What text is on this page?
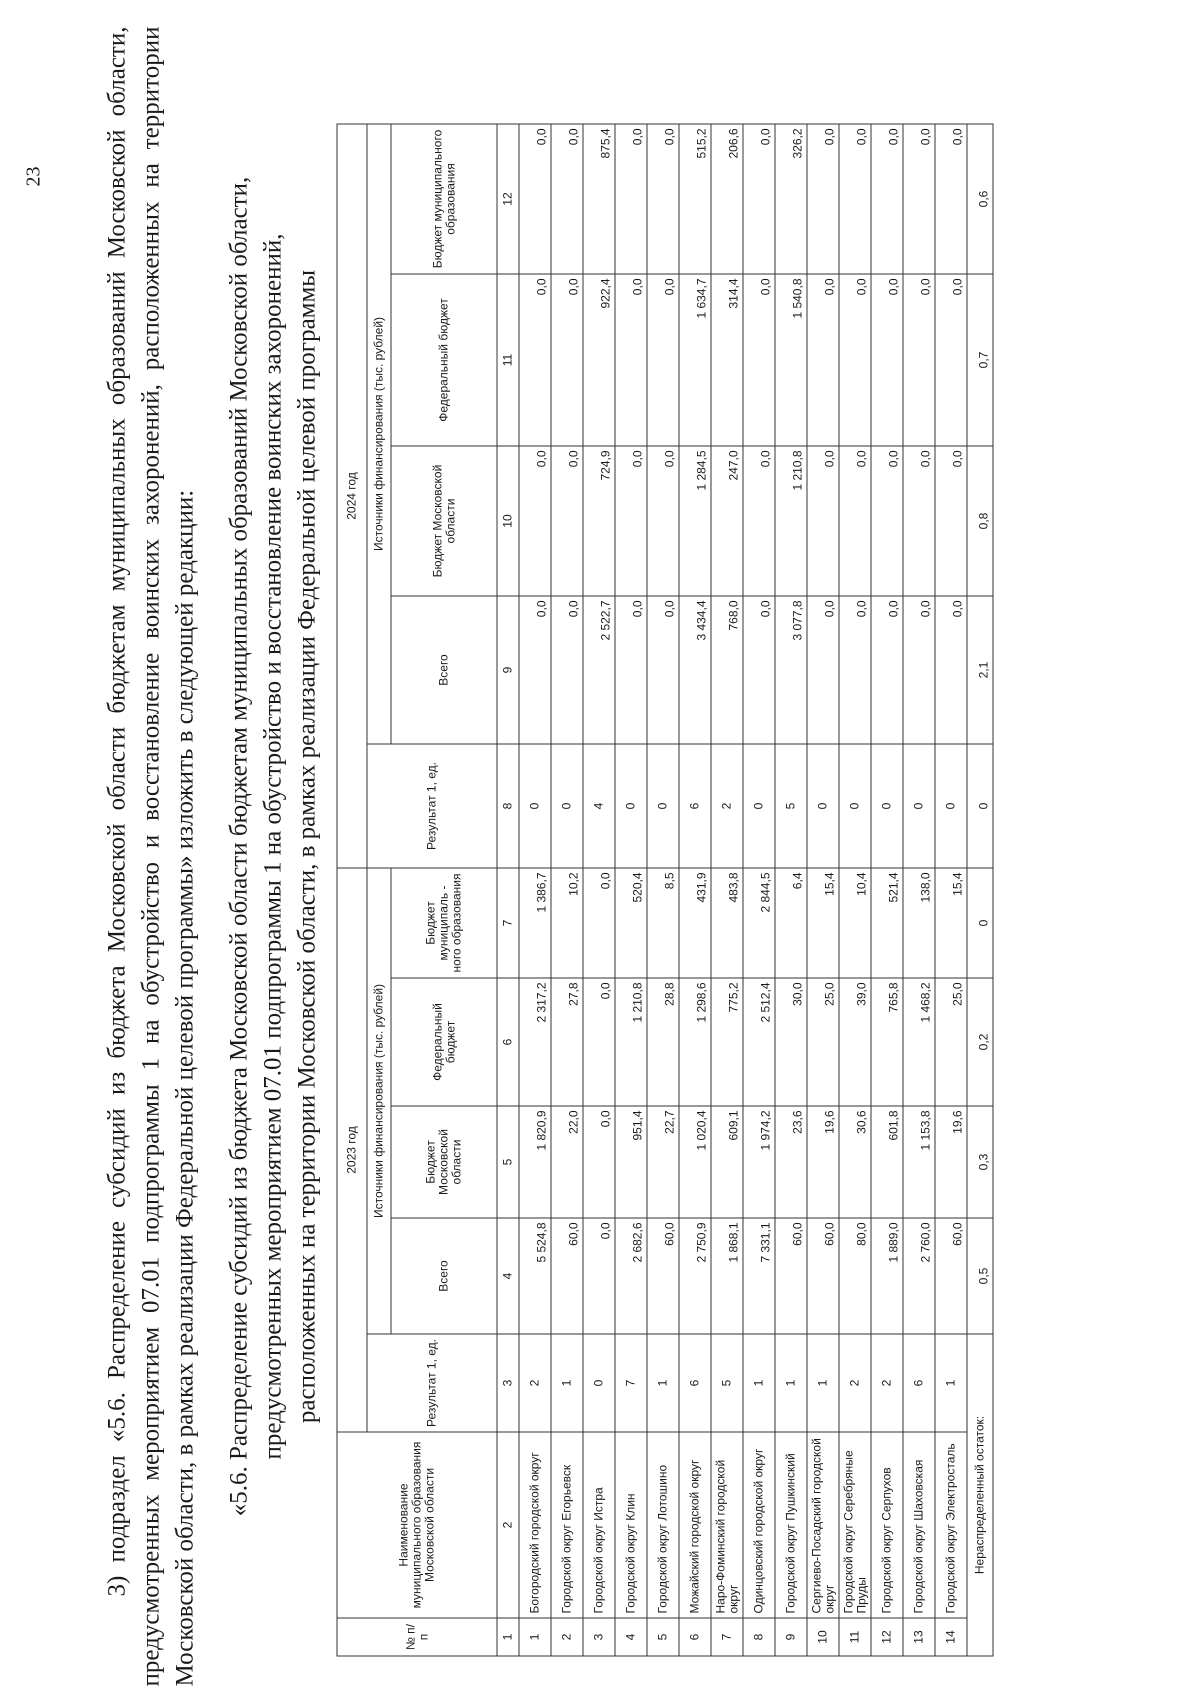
23 3) подраздел «5.6. Распределение субсидий из бюджета Московской области бюджетам муниципальных образований Московской области, предусмотренных мероприятием 07.01 подпрограммы 1 на обустройство и восстановление воинских захоронений, расположенных на территории Московской области, в рамках реализации Федеральной целевой программы» изложить в следующей редакции: «5.6. Распределение субсидий из бюджета Московской области бюджетам муниципальных образований Московской области, предусмотренных мероприятием 07.01 подпрограммы 1 на обустройство и восстановление воинских захоронений, расположенных на территории Московской области, в рамках реализации Федеральной целевой программы
№ п/п	Наименование муниципального образования Московской области	2023 год					2024 год				
		Результат 1, ед.	Источники финансирования (тыс. рублей)				Результат 1, ед.	Источники финансирования (тыс. рублей)			
			Всего	Бюджет Московской области	Федеральный бюджет	Бюджет муниципаль - ного образования		Всего	Бюджет Московской области	Федеральный бюджет	Бюджет муниципального образования
1	2	3	4	5	6	7	8	9	10	11	12
1	Богородский городской округ	2	5 524,8	1 820,9	2 317,2	1 386,7	0	0,0	0,0	0,0	0,0
2	Городской округ Егорьевск	1	60,0	22,0	27,8	10,2	0	0,0	0,0	0,0	0,0
3	Городской округ Истра	0	0,0	0,0	0,0	0,0	4	2 522,7	724,9	922,4	875,4
4	Городской округ Клин	7	2 682,6	951,4	1 210,8	520,4	0	0,0	0,0	0,0	0,0
5	Городской округ Лотошино	1	60,0	22,7	28,8	8,5	0	0,0	0,0	0,0	0,0
6	Можайский городской округ	6	2 750,9	1 020,4	1 298,6	431,9	6	3 434,4	1 284,5	1 634,7	515,2
7	Наро-Фоминский городской округ	5	1 868,1	609,1	775,2	483,8	2	768,0	247,0	314,4	206,6
8	Одинцовский городской округ	1	7 331,1	1 974,2	2 512,4	2 844,5	0	0,0	0,0	0,0	0,0
9	Городской округ Пушкинский	1	60,0	23,6	30,0	6,4	5	3 077,8	1 210,8	1 540,8	326,2
10	Сергиево-Посадский городской округ	1	60,0	19,6	25,0	15,4	0	0,0	0,0	0,0	0,0
11	Городской округ Серебряные Пруды	2	80,0	30,6	39,0	10,4	0	0,0	0,0	0,0	0,0
12	Городской округ Серпухов	2	1 889,0	601,8	765,8	521,4	0	0,0	0,0	0,0	0,0
13	Городской округ Шаховская	6	2 760,0	1 153,8	1 468,2	138,0	0	0,0	0,0	0,0	0,0
14	Городской округ Электросталь	1	60,0	19,6	25,0	15,4	0	0,0	0,0	0,0	0,0
Нераспределенный остаток:			0,5	0,3	0,2	0	0	2,1	0,8	0,7	0,6
